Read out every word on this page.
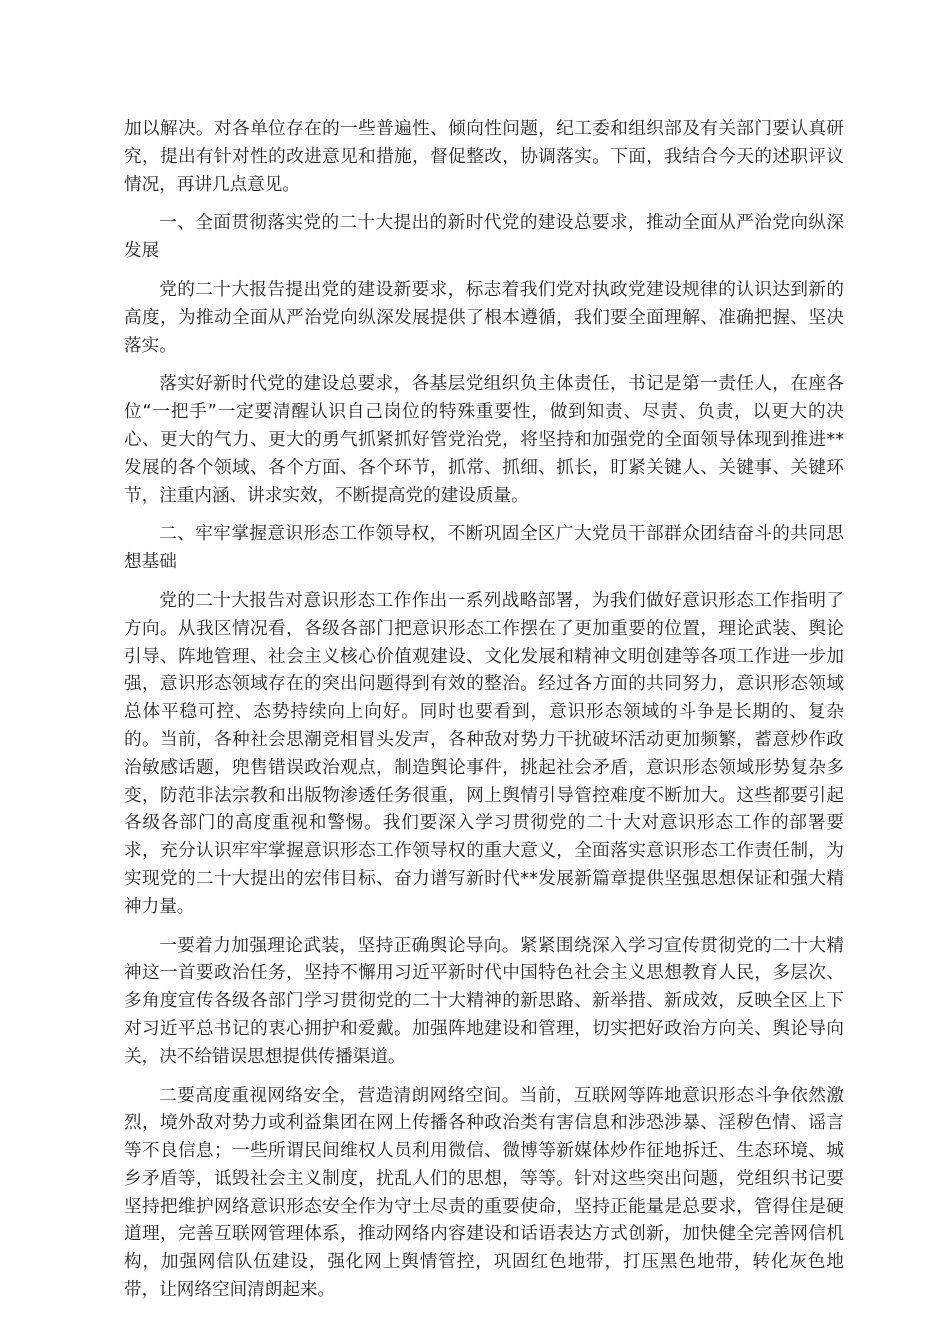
加以解决。对各单位存在的一些普遍性、倾向性问题，纪工委和组织部及有关部门要认真研究，提出有针对性的改进意见和措施，督促整改，协调落实。下面，我结合今天的述职评议情况，再讲几点意见。

一、全面贯彻落实党的二十大提出的新时代党的建设总要求，推动全面从严治党向纵深发展

党的二十大报告提出党的建设新要求，标志着我们党对执政党建设规律的认识达到新的高度，为推动全面从严治党向纵深发展提供了根本遵循，我们要全面理解、准确把握、坚决落实。

落实好新时代党的建设总要求，各基层党组织负主体责任，书记是第一责任人，在座各位“一把手”一定要清醒认识自己岗位的特殊重要性，做到知责、尽责、负责，以更大的决心、更大的气力、更大的勇气抓紧抓好管党治党，将坚持和加强党的全面领导体现到推进**发展的各个领域、各个方面、各个环节，抓常、抓细、抓长，盯紧关键人、关键事、关键环节，注重内涵、讲求实效，不断提高党的建设质量。

二、牢牢掌握意识形态工作领导权，不断巩固全区广大党员干部群众团结奋斗的共同思想基础

党的二十大报告对意识形态工作作出一系列战略部署，为我们做好意识形态工作指明了方向。从我区情况看，各级各部门把意识形态工作摆在了更加重要的位置，理论武装、舆论引导、阵地管理、社会主义核心价值观建设、文化发展和精神文明创建等各项工作进一步加强，意识形态领域存在的突出问题得到有效的整治。经过各方面的共同努力，意识形态领域总体平稳可控、态势持续向上向好。同时也要看到，意识形态领域的斗争是长期的、复杂的。当前，各种社会思潮竞相冒头发声，各种敌对势力干扰破坏活动更加频繁，蓄意炒作政治敏感话题，兜售错误政治观点，制造舆论事件，挑起社会矛盾，意识形态领域形势复杂多变，防范非法宗教和出版物渗透任务很重，网上舆情引导管控难度不断加大。这些都要引起各级各部门的高度重视和警惕。我们要深入学习贯彻党的二十大对意识形态工作的部署要求，充分认识牢牢掌握意识形态工作领导权的重大意义，全面落实意识形态工作责任制，为实现党的二十大提出的宏伟目标、奋力谱写新时代**发展新篇章提供坚强思想保证和强大精神力量。

一要着力加强理论武装，坚持正确舆论导向。紧紧围绕深入学习宣传贯彻党的二十大精神这一首要政治任务，坚持不懈用习近平新时代中国特色社会主义思想教育人民，多层次、多角度宣传各级各部门学习贯彻党的二十大精神的新思路、新举措、新成效，反映全区上下对习近平总书记的衷心拥护和爱戴。加强阵地建设和管理，切实把好政治方向关、舆论导向关，决不给错误思想提供传播渠道。

二要高度重视网络安全，营造清朗网络空间。当前，互联网等阵地意识形态斗争依然激烈，境外敌对势力或利益集团在网上传播各种政治类有害信息和涉恐涉暴、淫秽色情、谣言等不良信息；一些所谓民间维权人员利用微信、微博等新媒体炒作征地拆迁、生态环境、城乡矛盾等，诋毁社会主义制度，扰乱人们的思想，等等。针对这些突出问题，党组织书记要坚持把维护网络意识形态安全作为守土尽责的重要使命，坚持正能量是总要求，管得住是硬道理，完善互联网管理体系，推动网络内容建设和话语表达方式创新，加快健全完善网信机构，加强网信队伍建设，强化网上舆情管控，巩固红色地带，打压黑色地带，转化灰色地带，让网络空间清朗起来。
